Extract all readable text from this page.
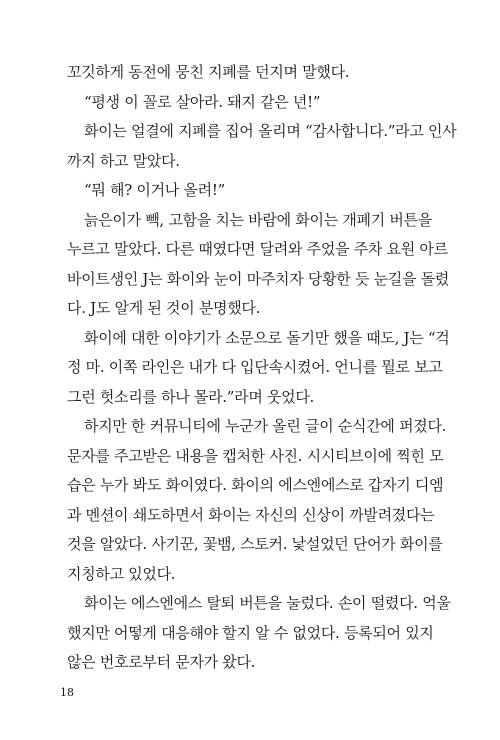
꼬깃하게 동전에 뭉친 지폐를 던지며 말했다.
“평생 이 꼴로 살아라. 돼지 같은 년!”
화이는 얼결에 지폐를 집어 올리며 “감사합니다.”라고 인사
까지 하고 말았다.
“뭐 해? 이거나 올려!”
늙은이가 빽, 고함을 치는 바람에 화이는 개폐기 버튼을
누르고 말았다. 다른 때였다면 달려와 주었을 주차 요원 아르
바이트생인 J는 화이와 눈이 마주치자 당황한 듯 눈길을 돌렸
다. J도 알게 된 것이 분명했다.
화이에 대한 이야기가 소문으로 돌기만 했을 때도, J는 “걱
정 마. 이쪽 라인은 내가 다 입단속시켰어. 언니를 뭘로 보고
그런 헛소리를 하나 몰라.”라며 웃었다.
하지만 한 커뮤니티에 누군가 올린 글이 순식간에 퍼졌다.
문자를 주고받은 내용을 캡처한 사진. 시시티브이에 찍힌 모
습은 누가 봐도 화이였다. 화이의 에스엔에스로 갑자기 디엠
과 멘션이 쇄도하면서 화이는 자신의 신상이 까발려졌다는
것을 알았다. 사기꾼, 꽃뱀, 스토커. 낯설었던 단어가 화이를
지칭하고 있었다.
화이는 에스엔에스 탈퇴 버튼을 눌렀다. 손이 떨렸다. 억울
했지만 어떻게 대응해야 할지 알 수 없었다. 등록되어 있지
않은 번호로부터 문자가 왔다.
18
